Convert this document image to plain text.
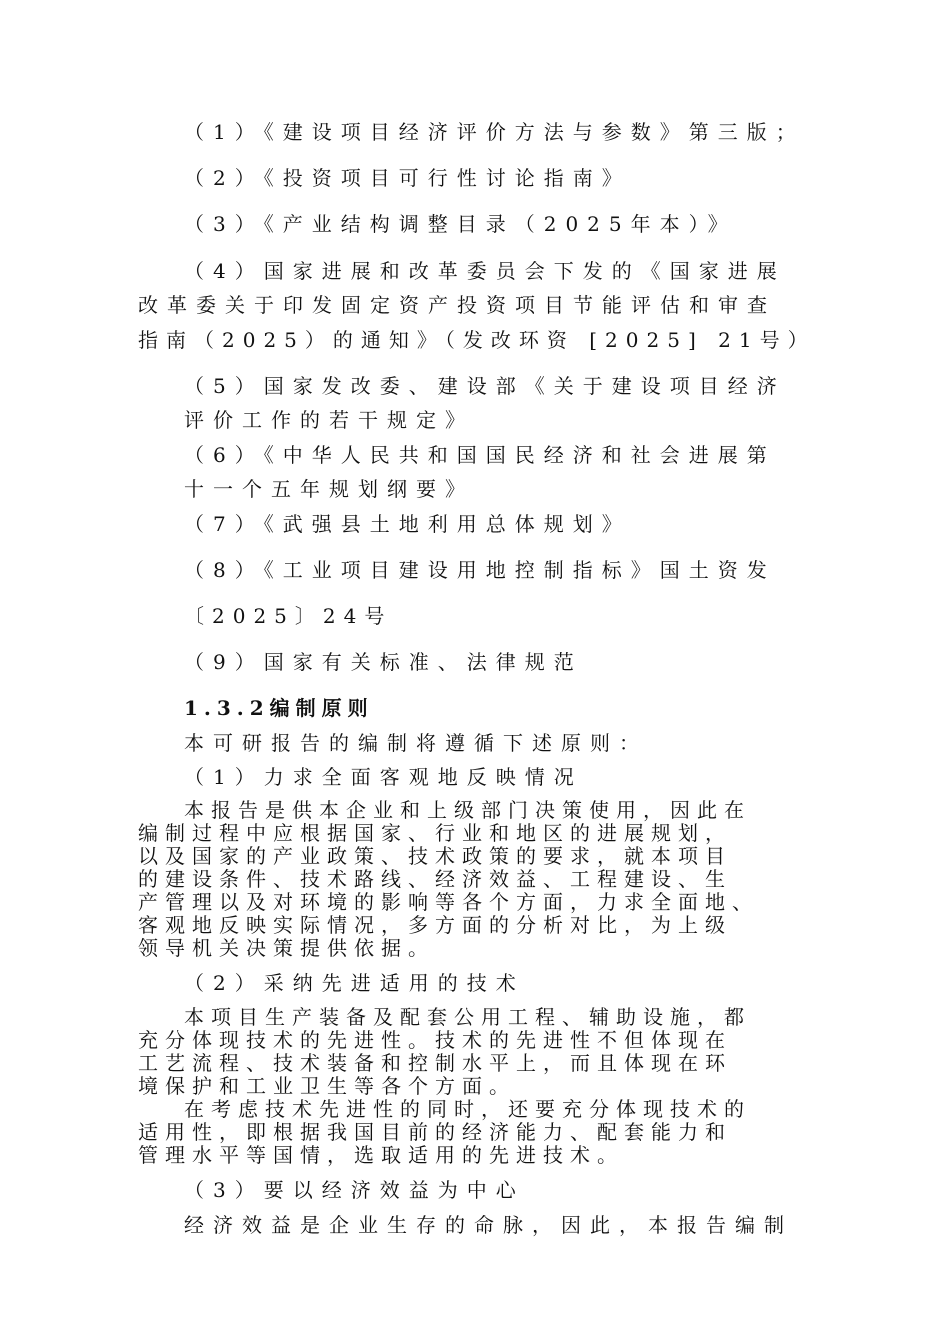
（1）《建设项目经济评价方法与参数》第三版；
（2）《投资项目可行性讨论指南》
（3）《产业结构调整目录（2025年本）》
（4）国家进展和改革委员会下发的《国家进展
改革委关于印发固定资产投资项目节能评估和审查
指南（2025）的通知》（发改环资 [2025] 21号）
（5）国家发改委、建设部《关于建设项目经济
评价工作的若干规定》
（6）《中华人民共和国国民经济和社会进展第
十一个五年规划纲要》
（7）《武强县土地利用总体规划》
（8）《工业项目建设用地控制指标》国土资发
〔2025〕24号
（9）国家有关标准、法律规范
1.3.2编制原则
本可研报告的编制将遵循下述原则：
（1）力求全面客观地反映情况
本报告是供本企业和上级部门决策使用，因此在
编制过程中应根据国家、行业和地区的进展规划，
以及国家的产业政策、技术政策的要求，就本项目
的建设条件、技术路线、经济效益、工程建设、生
产管理以及对环境的影响等各个方面，力求全面地、
客观地反映实际情况，多方面的分析对比，为上级
领导机关决策提供依据。
（2）采纳先进适用的技术
本项目生产装备及配套公用工程、辅助设施，都
充分体现技术的先进性。技术的先进性不但体现在
工艺流程、技术装备和控制水平上，而且体现在环
境保护和工业卫生等各个方面。
在考虑技术先进性的同时，还要充分体现技术的
适用性，即根据我国目前的经济能力、配套能力和
管理水平等国情，选取适用的先进技术。
（3）要以经济效益为中心
经济效益是企业生存的命脉，因此，本报告编制
